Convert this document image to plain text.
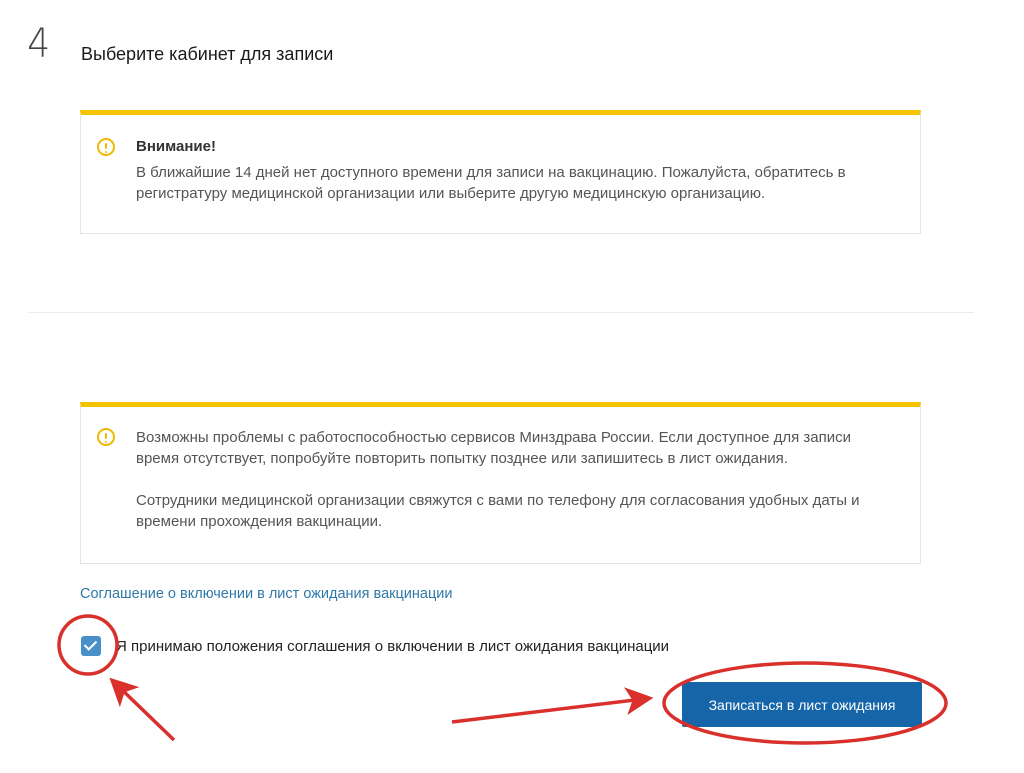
4 Выберите кабинет для записи
Внимание!

В ближайшие 14 дней нет доступного времени для записи на вакцинацию. Пожалуйста, обратитесь в регистратуру медицинской организации или выберите другую медицинскую организацию.

Возможны проблемы с работоспособностью сервисов Минздрава России. Если доступное для записи время отсутствует, попробуйте повторить попытку позднее или запишитесь в лист ожидания.

Сотрудники медицинской организации свяжутся с вами по телефону для согласования удобных даты и времени прохождения вакцинации.

Соглашение о включении в лист ожидания вакцинации
Я принимаю положения соглашения о включении в лист ожидания вакцинации
Записаться в лист ожидания
